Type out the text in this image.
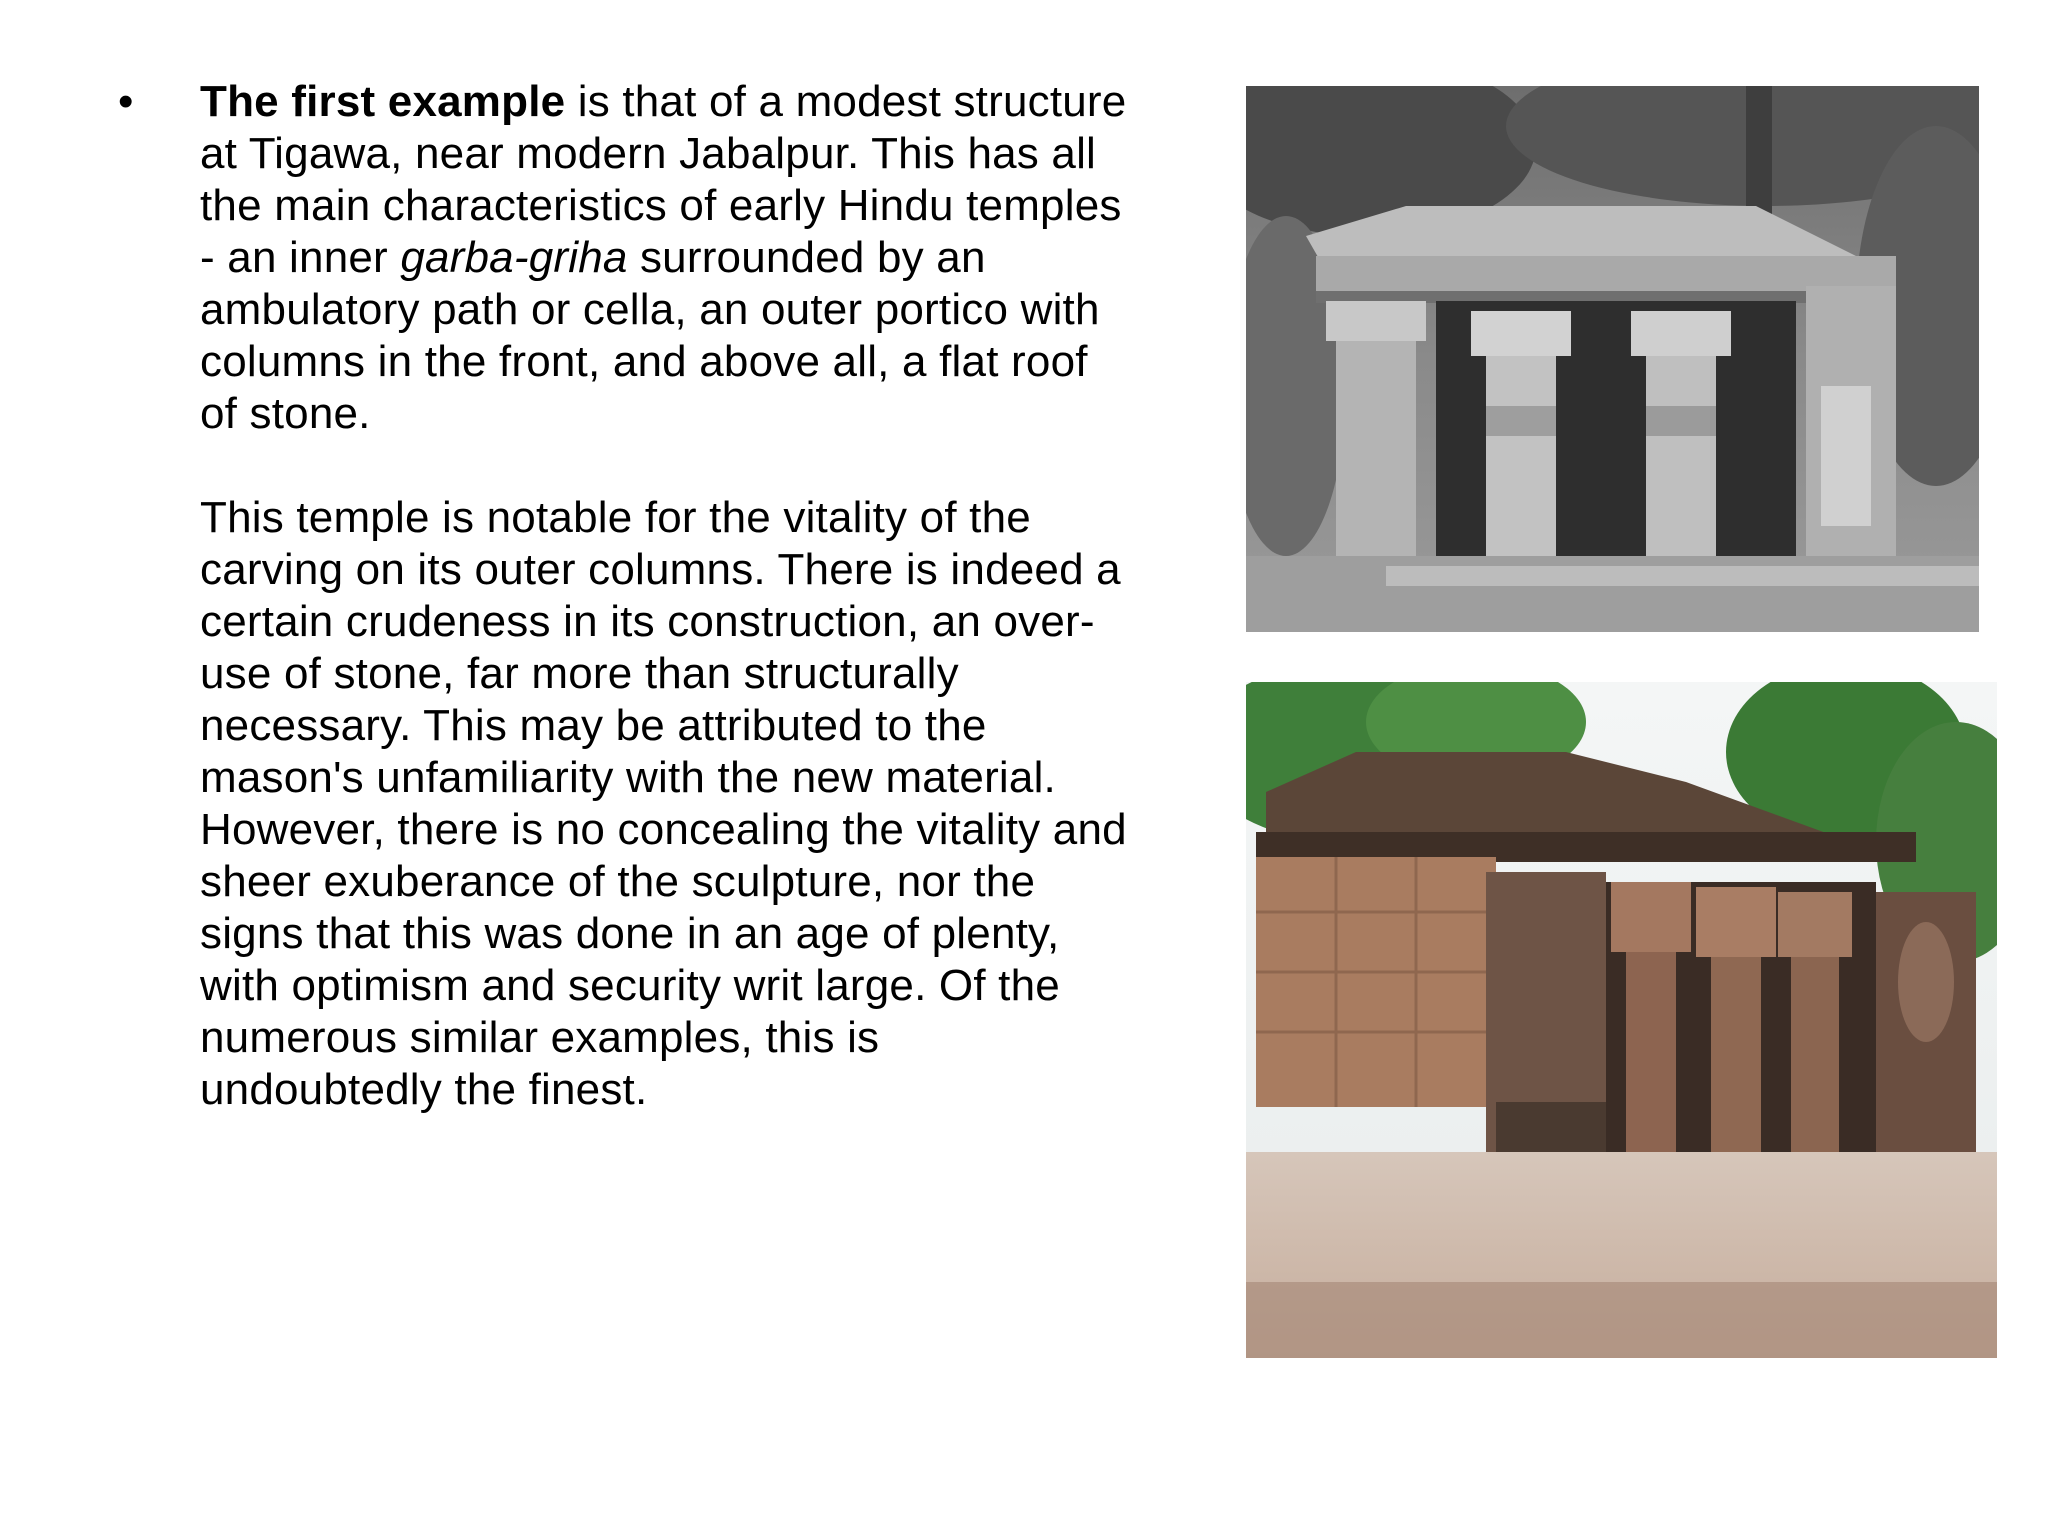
• The first example is that of a modest structure
at Tigawa, near modern Jabalpur. This has all
the main characteristics of early Hindu temples
- an inner garba-griha surrounded by an
ambulatory path or cella, an outer portico with
columns in the front, and above all, a flat roof
of stone.
This temple is notable for the vitality of the
carving on its outer columns. There is indeed a
certain crudeness in its construction, an over-
use of stone, far more than structurally
necessary. This may be attributed to the
mason's unfamiliarity with the new material.
However, there is no concealing the vitality and
sheer exuberance of the sculpture, nor the
signs that this was done in an age of plenty,
with optimism and security writ large. Of the
numerous similar examples, this is
undoubtedly the finest.
